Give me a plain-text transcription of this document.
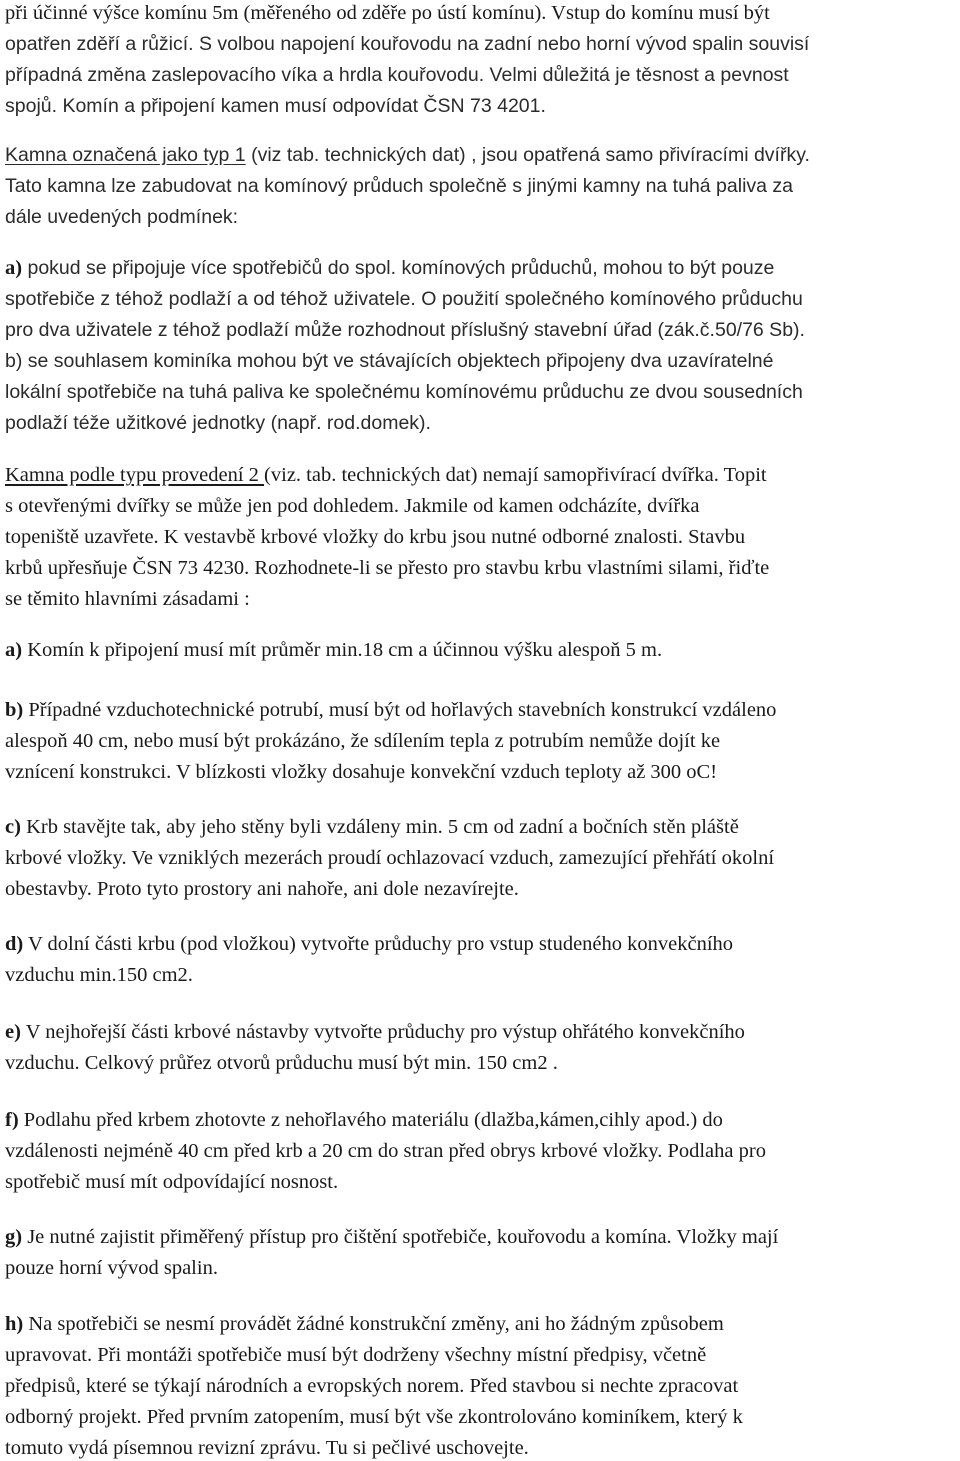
při účinné výšce komínu 5m (měřeného od zděře po ústí komínu). Vstup do komínu musí být
opatřen zděří a růžicí. S volbou napojení kouřovodu na zadní nebo horní vývod spalin souvisí
případná změna zaslepovacího víka a hrdla kouřovodu. Velmi důležitá je těsnost a pevnost
spojů. Komín a připojení kamen musí odpovídat ČSN 73 4201.
Kamna označená jako typ 1 (viz tab. technických dat) , jsou opatřená samo přivíracími dvířky.
Tato kamna lze zabudovat na komínový průduch společně s jinými kamny na tuhá paliva za
dále uvedených podmínek:
a) pokud se připojuje více spotřebičů do spol. komínových průduchů, mohou to být pouze
spotřebiče z téhož podlaží a od téhož uživatele. O použití společného komínového průduchu
pro dva uživatele z téhož podlaží může rozhodnout příslušný stavební úřad (zák.č.50/76 Sb).
b) se souhlasem kominíka mohou být ve stávajících objektech připojeny dva uzavíratelné
lokální spotřebiče na tuhá paliva ke společnému komínovému průduchu ze dvou sousedních
podlaží téže užitkové jednotky (např. rod.domek).
Kamna podle typu provedení 2 (viz. tab. technických dat) nemají samopřivírací dvířka. Topit
s otevřenými dvířky se může jen pod dohledem. Jakmile od kamen odcházíte, dvířka
topeniště uzavřete. K vestavbě krbové vložky do krbu jsou nutné odborné znalosti. Stavbu
krbů upřesňuje ČSN 73 4230. Rozhodnete-li se přesto pro stavbu krbu vlastními silami, řiďte
se těmito hlavními zásadami :
a) Komín k připojení musí mít průměr min.18 cm a účinnou výšku alespoň 5 m.
b) Případné vzduchotechnické potrubí, musí být od hořlavých stavebních konstrukcí vzdáleno
alespoň 40 cm, nebo musí být prokázáno, že sdílením tepla z potrubím nemůže dojít ke
vznícení konstrukci. V blízkosti vložky dosahuje konvekční vzduch teploty až 300 oC!
c) Krb stavějte tak, aby jeho stěny byli vzdáleny min. 5 cm od zadní a bočních stěn pláště
krbové vložky. Ve vzniklých mezerách proudí ochlazovací vzduch, zamezující přehřátí okolní
obestavby. Proto tyto prostory ani nahoře, ani dole nezavírejte.
d) V dolní části krbu (pod vložkou) vytvořte průduchy pro vstup studeného konvekčního
vzduchu min.150 cm2.
e) V nejhořejší části krbové nástavby vytvořte průduchy pro výstup ohřátého konvekčního
vzduchu. Celkový průřez otvorů průduchu musí být min. 150 cm2 .
f) Podlahu před krbem zhotovte z nehořlavého materiálu (dlažba,kámen,cihly apod.) do
vzdálenosti nejméně 40 cm před krb a 20 cm do stran před obrys krbové vložky. Podlaha pro
spotřebič musí mít odpovídající nosnost.
g) Je nutné zajistit přiměřený přístup pro čištění spotřebiče, kouřovodu a komína. Vložky mají
pouze horní vývod spalin.
h) Na spotřebiči se nesmí provádět žádné konstrukční změny, ani ho žádným způsobem
upravovat. Při montáži spotřebiče musí být dodrženy všechny místní předpisy, včetně
předpisů, které se týkají národních a evropských norem. Před stavbou si nechte zpracovat
odborný projekt. Před prvním zatopením, musí být vše zkontrolováno kominíkem, který k
tomuto vydá písemnou revizní zprávu. Tu si pečlivé uschovejte.
